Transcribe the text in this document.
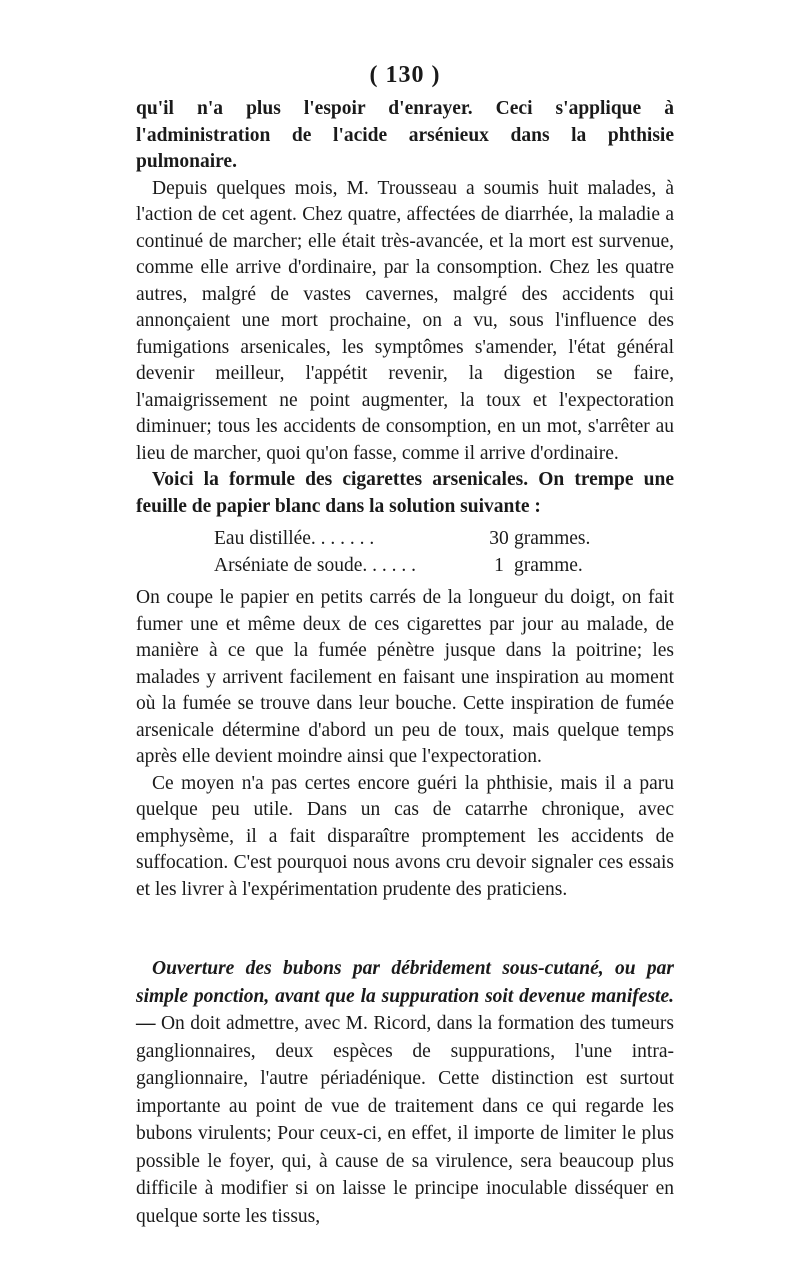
( 130 )

qu'il n'a plus l'espoir d'enrayer. Ceci s'applique à l'administration de l'acide arsénieux dans la phthisie pulmonaire.

Depuis quelques mois, M. Trousseau a soumis huit malades, à l'action de cet agent. Chez quatre, affectées de diarrhée, la maladie a continué de marcher; elle était très-avancée, et la mort est survenue, comme elle arrive d'ordinaire, par la consomption. Chez les quatre autres, malgré de vastes cavernes, malgré des accidents qui annonçaient une mort prochaine, on a vu, sous l'influence des fumigations arsenicales, les symptômes s'amender, l'état général devenir meilleur, l'appétit revenir, la digestion se faire, l'amaigrissement ne point augmenter, la toux et l'expectoration diminuer; tous les accidents de consomption, en un mot, s'arrêter au lieu de marcher, quoi qu'on fasse, comme il arrive d'ordinaire.

Voici la formule des cigarettes arsenicales. On trempe une feuille de papier blanc dans la solution suivante :

Eau distillée. . . . . . .	30 grammes.
Arséniate de soude. . . . . .	1 gramme.

On coupe le papier en petits carrés de la longueur du doigt, on fait fumer une et même deux de ces cigarettes par jour au malade, de manière à ce que la fumée pénètre jusque dans la poitrine; les malades y arrivent facilement en faisant une inspiration au moment où la fumée se trouve dans leur bouche. Cette inspiration de fumée arsenicale détermine d'abord un peu de toux, mais quelque temps après elle devient moindre ainsi que l'expectoration.

Ce moyen n'a pas certes encore guéri la phthisie, mais il a paru quelque peu utile. Dans un cas de catarrhe chronique, avec emphysème, il a fait disparaître promptement les accidents de suffocation. C'est pourquoi nous avons cru devoir signaler ces essais et les livrer à l'expérimentation prudente des praticiens.

Ouverture des bubons par débridement sous-cutané, ou par simple ponction, avant que la suppuration soit devenue manifeste. — On doit admettre, avec M. Ricord, dans la formation des tumeurs ganglionnaires, deux espèces de suppurations, l'une intra-ganglionnaire, l'autre périadénique. Cette distinction est surtout importante au point de vue de traitement dans ce qui regarde les bubons virulents; Pour ceux-ci, en effet, il importe de limiter le plus possible le foyer, qui, à cause de sa virulence, sera beaucoup plus difficile à modifier si on laisse le principe inoculable disséquer en quelque sorte les tissus,
